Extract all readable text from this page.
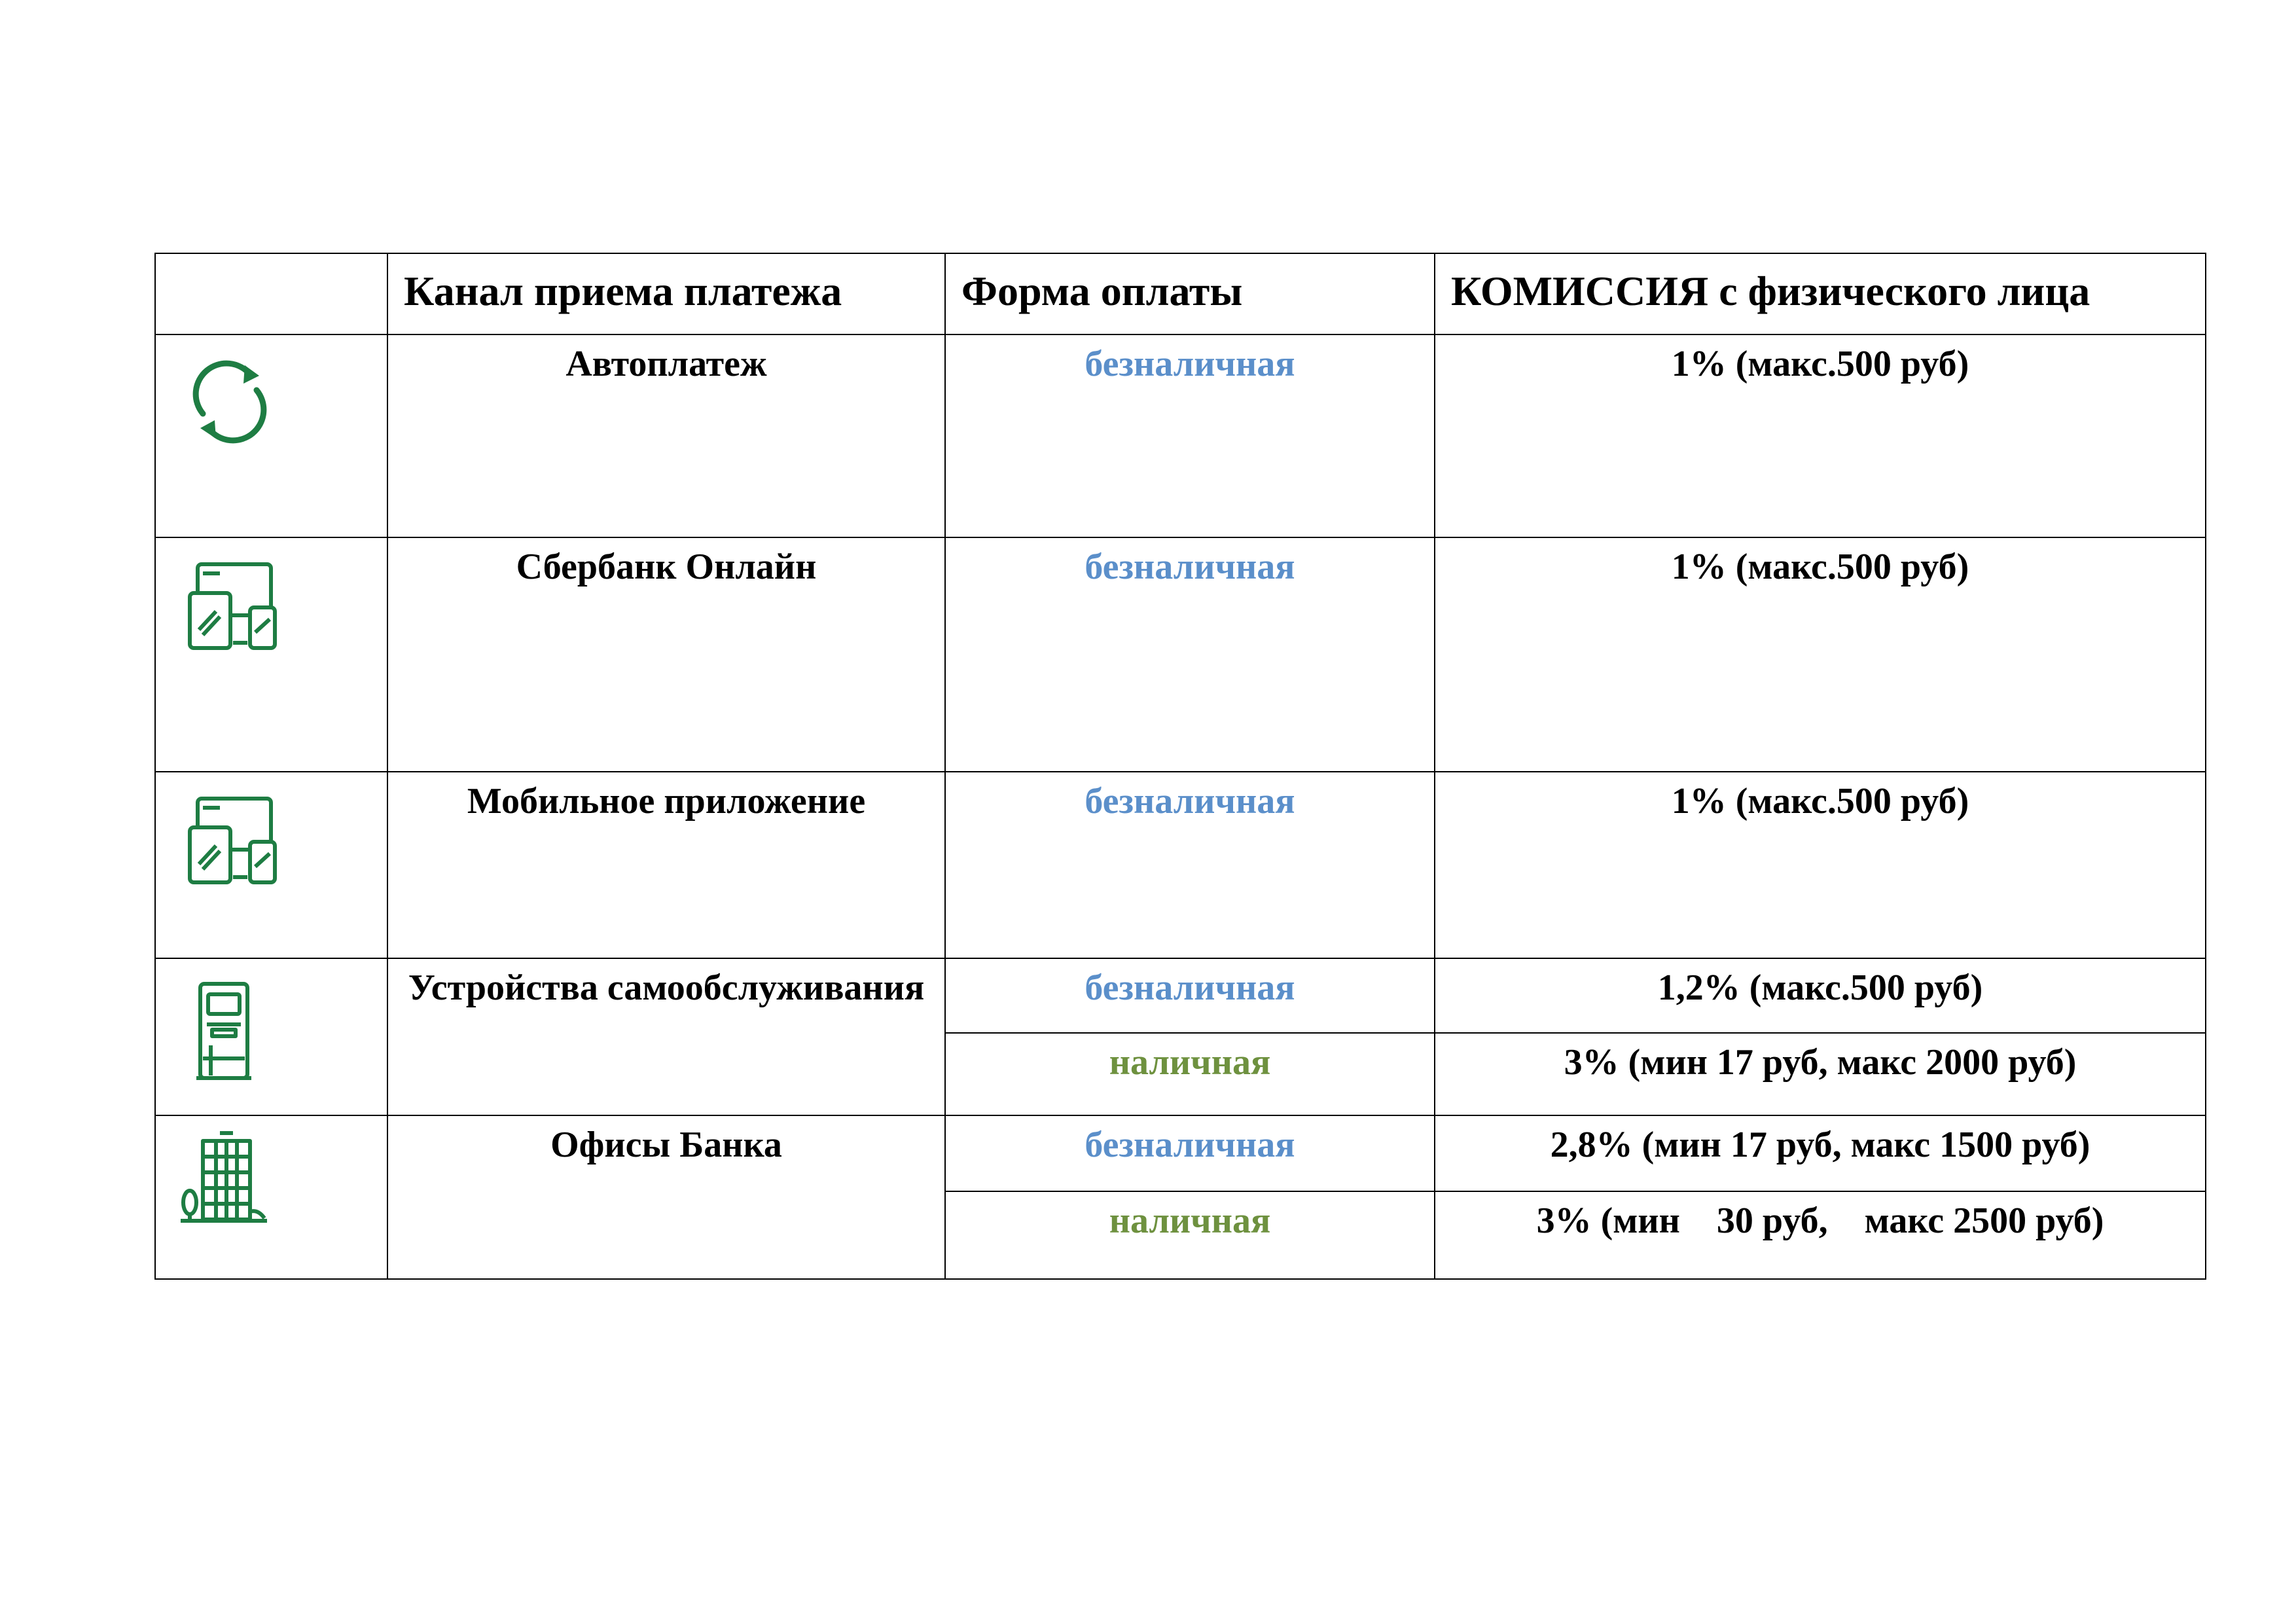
	Канал приема платежа	Форма оплаты	КОМИССИЯ с физического лица

	Автоплатеж	безналичная	1% (макс.500 руб)

	Сбербанк Онлайн	безналичная	1% (макс.500 руб)

	Мобильное приложение	безналичная	1% (макс.500 руб)

	Устройства самообслуживания	безналичная	1,2% (макс.500 руб)
		наличная	3% (мин 17 руб, макс 2000 руб)

	Офисы Банка	безналичная	2,8% (мин 17 руб, макс 1500 руб)
		наличная	3% (мин    30 руб,    макс 2500 руб)
